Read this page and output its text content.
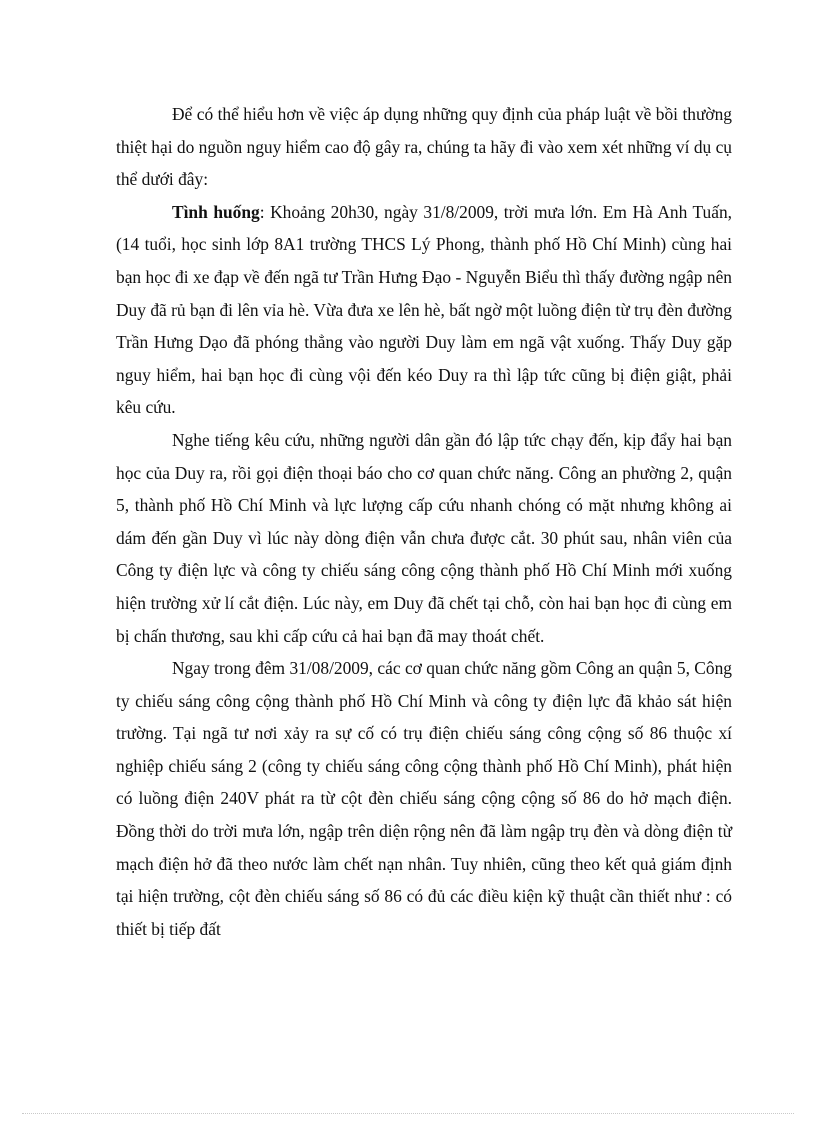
Để có thể hiểu hơn về việc áp dụng những quy định của pháp luật về bồi thường thiệt hại do nguồn nguy hiểm cao độ gây ra, chúng ta hãy đi vào xem xét những ví dụ cụ thể dưới đây:

Tình huống: Khoảng 20h30, ngày 31/8/2009, trời mưa lớn. Em Hà Anh Tuấn, (14 tuổi, học sinh lớp 8A1 trường THCS Lý Phong, thành phố Hồ Chí Minh) cùng hai bạn học đi xe đạp về đến ngã tư Trần Hưng Đạo - Nguyễn Biểu thì thấy đường ngập nên Duy đã rủ bạn đi lên vỉa hè. Vừa đưa xe lên hè, bất ngờ một luồng điện từ trụ đèn đường Trần Hưng Dạo đã phóng thẳng vào người Duy làm em ngã vật xuống. Thấy Duy gặp nguy hiểm, hai bạn học đi cùng vội đến kéo Duy ra thì lập tức cũng bị điện giật, phải kêu cứu.

Nghe tiếng kêu cứu, những người dân gần đó lập tức chạy đến, kịp đẩy hai bạn học của Duy ra, rồi gọi điện thoại báo cho cơ quan chức năng. Công an phường 2, quận 5, thành phố Hồ Chí Minh và lực lượng cấp cứu nhanh chóng có mặt nhưng không ai dám đến gần Duy vì lúc này dòng điện vẫn chưa được cắt. 30 phút sau, nhân viên của Công ty điện lực và công ty chiếu sáng công cộng thành phố Hồ Chí Minh mới xuống hiện trường xử lí cắt điện. Lúc này, em Duy đã chết tại chỗ, còn hai bạn học đi cùng em bị chấn thương, sau khi cấp cứu cả hai bạn đã may thoát chết.

Ngay trong đêm 31/08/2009, các cơ quan chức năng gồm Công an quận 5, Công ty chiếu sáng công cộng thành phố Hồ Chí Minh và công ty điện lực đã khảo sát hiện trường. Tại ngã tư nơi xảy ra sự cố có trụ điện chiếu sáng công cộng số 86 thuộc xí nghiệp chiếu sáng 2 (công ty chiếu sáng công cộng thành phố Hồ Chí Minh), phát hiện có luồng điện 240V phát ra từ cột đèn chiếu sáng cộng cộng số 86 do hở mạch điện. Đồng thời do trời mưa lớn, ngập trên diện rộng nên đã làm ngập trụ đèn và dòng điện từ mạch điện hở đã theo nước làm chết nạn nhân. Tuy nhiên, cũng theo kết quả giám định tại hiện trường, cột đèn chiếu sáng số 86 có đủ các điều kiện kỹ thuật cần thiết như : có thiết bị tiếp đất
